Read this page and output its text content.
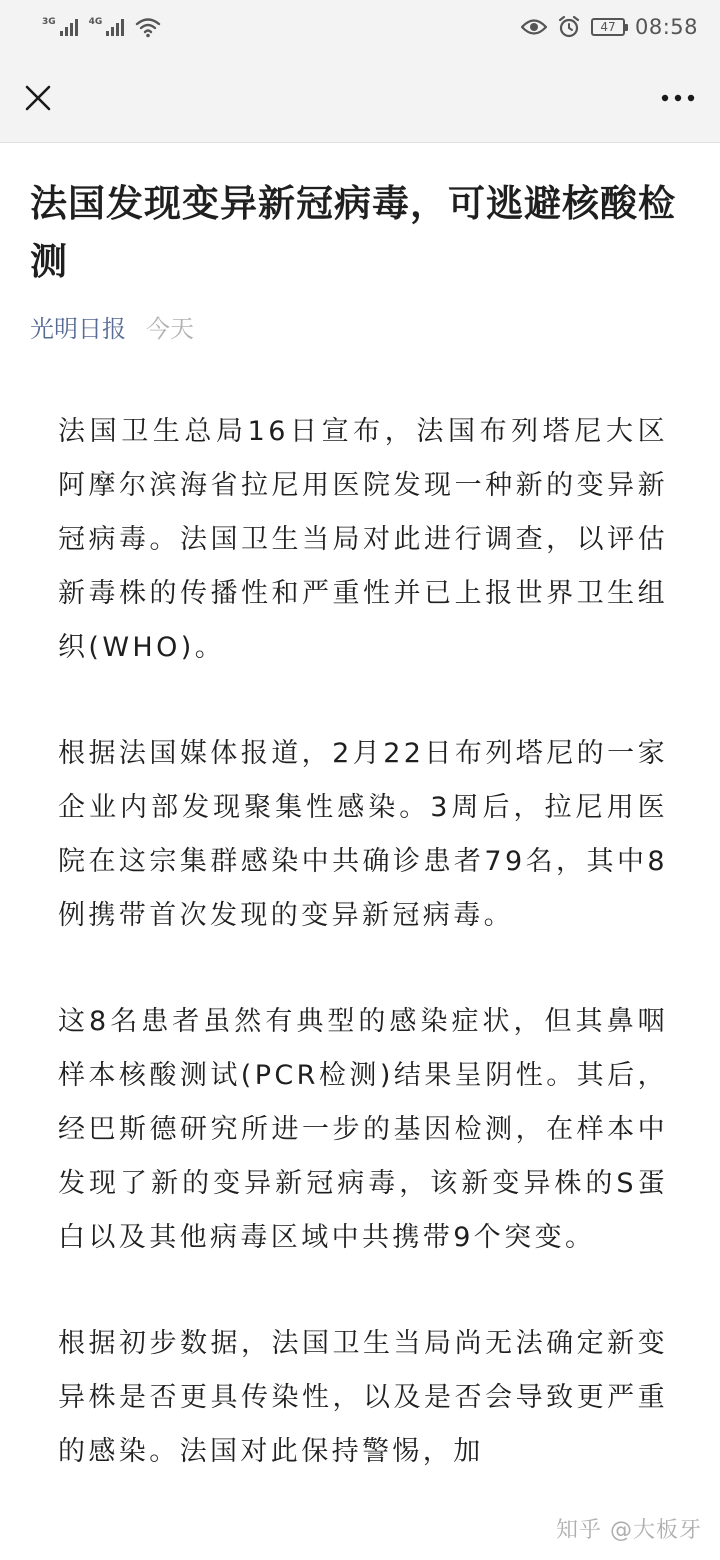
3G	4G	47 08:58
法国发现变异新冠病毒，可逃避核酸检测
光明日报 今天

法国卫生总局16日宣布，法国布列塔尼大区阿摩尔滨海省拉尼用医院发现一种新的变异新冠病毒。法国卫生当局对此进行调查，以评估新毒株的传播性和严重性并已上报世界卫生组织(WHO)。

根据法国媒体报道，2月22日布列塔尼的一家企业内部发现聚集性感染。3周后，拉尼用医院在这宗集群感染中共确诊患者79名，其中8例携带首次发现的变异新冠病毒。

这8名患者虽然有典型的感染症状，但其鼻咽样本核酸测试(PCR检测)结果呈阴性。其后，经巴斯德研究所进一步的基因检测，在样本中发现了新的变异新冠病毒，该新变异株的S蛋白以及其他病毒区域中共携带9个突变。

根据初步数据，法国卫生当局尚无法确定新变异株是否更具传染性，以及是否会导致更严重的感染。法国对此保持警惕，加

知乎 @大板牙
